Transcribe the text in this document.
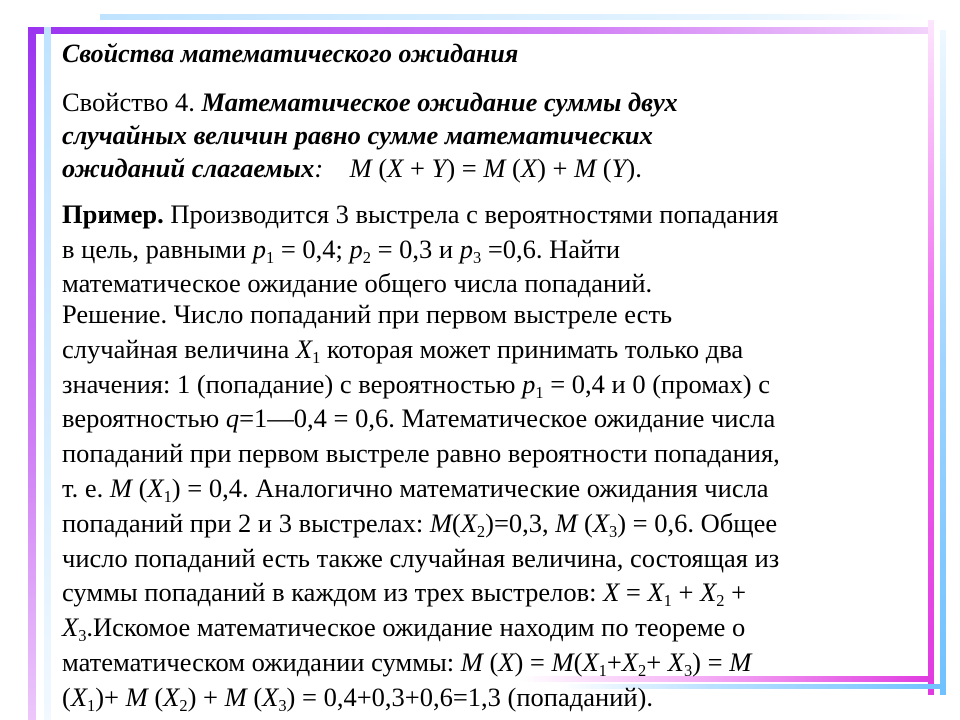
Свойства математического ожидания
Свойство 4. Математическое ожидание суммы двух
случайных величин равно сумме математических
ожиданий слагаемых: M (X + Y) = M (X) + M (Y).
Пример. Производится 3 выстрела с вероятностями попадания
в цель, равными $p_1 = 0,4$; $p_2 = 0,3$ и $p_3 =0,6$. Найти
математическое ожидание общего числа попаданий.
Решение. Число попаданий при первом выстреле есть
случайная величина $X_1$ которая может принимать только два
значения: 1 (попадание) с вероятностью $p_1 = 0,4$ и 0 (промах) с
вероятностью q=1—0,4 = 0,6. Математическое ожидание числа
попаданий при первом выстреле равно вероятности попадания,
т. е. M $(X_1) = 0,4$. Аналогично математические ожидания числа
попаданий при 2 и 3 выстрелах: $M(X_2)=0,3$, M $(X_3) = 0,6$. Общее
число попаданий есть также случайная величина, состоящая из
суммы попаданий в каждом из трех выстрелов: $X = X_1 + X_2$ +
$X_3.Искомое$ математическое ожидание находим по теореме о
математическом ожидании суммы: M $(X) = M(X_1+X_2+ X_3) = M$
$(X_1)+ M$ $(X_2) + M$ $(X_3) = 0,4+0,3+0,6=1,3$ (попаданий).
